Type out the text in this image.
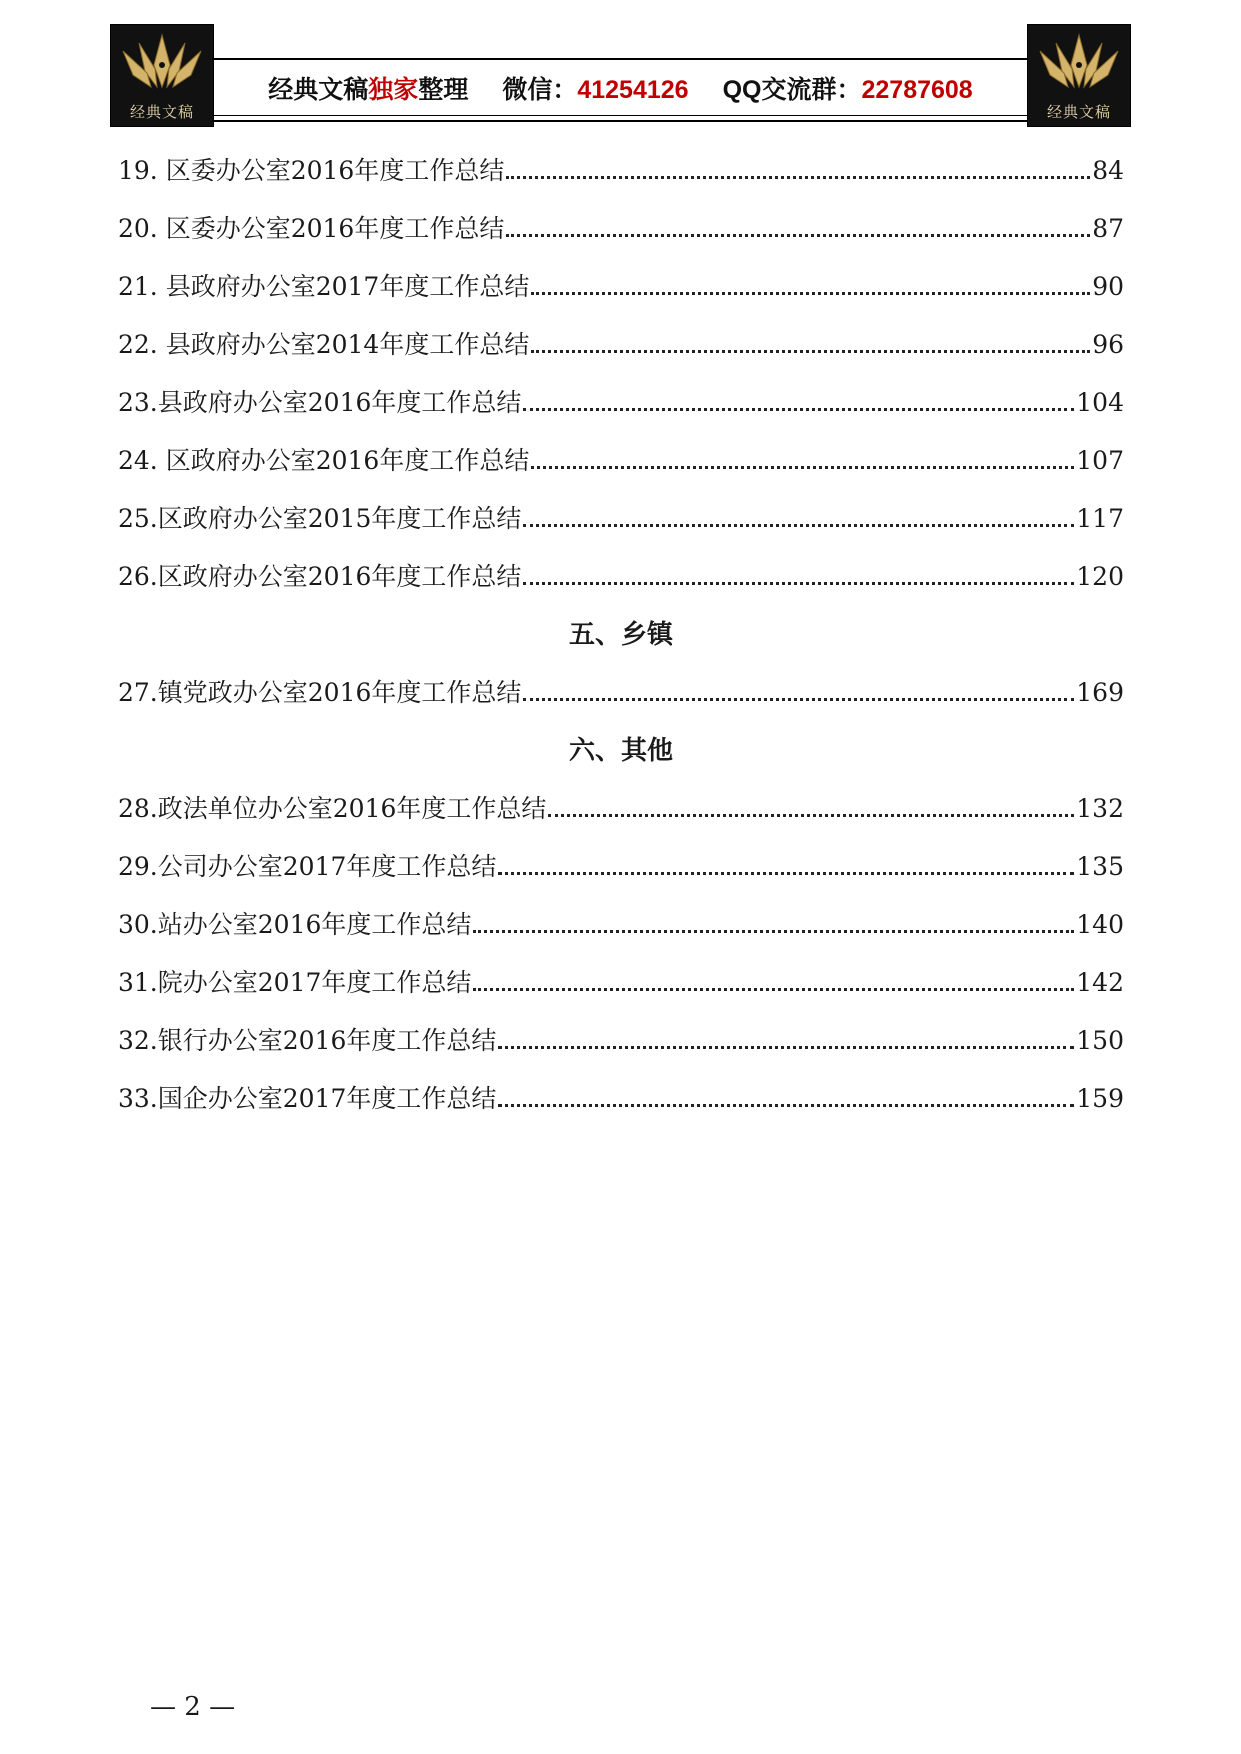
经典文稿
经典文稿独家整理 微信：41254126 QQ交流群：22787608
经典文稿
19. 区委办公室2016年度工作总结	84
20. 区委办公室2016年度工作总结	87
21. 县政府办公室2017年度工作总结	90
22. 县政府办公室2014年度工作总结	96
23.县政府办公室2016年度工作总结	104
24. 区政府办公室2016年度工作总结	107
25.区政府办公室2015年度工作总结	117
26.区政府办公室2016年度工作总结	120
五、乡镇
27.镇党政办公室2016年度工作总结	169
六、其他
28.政法单位办公室2016年度工作总结	132
29.公司办公室2017年度工作总结	135
30.站办公室2016年度工作总结	140
31.院办公室2017年度工作总结	142
32.银行办公室2016年度工作总结	150
33.国企办公室2017年度工作总结	159
— 2 —
